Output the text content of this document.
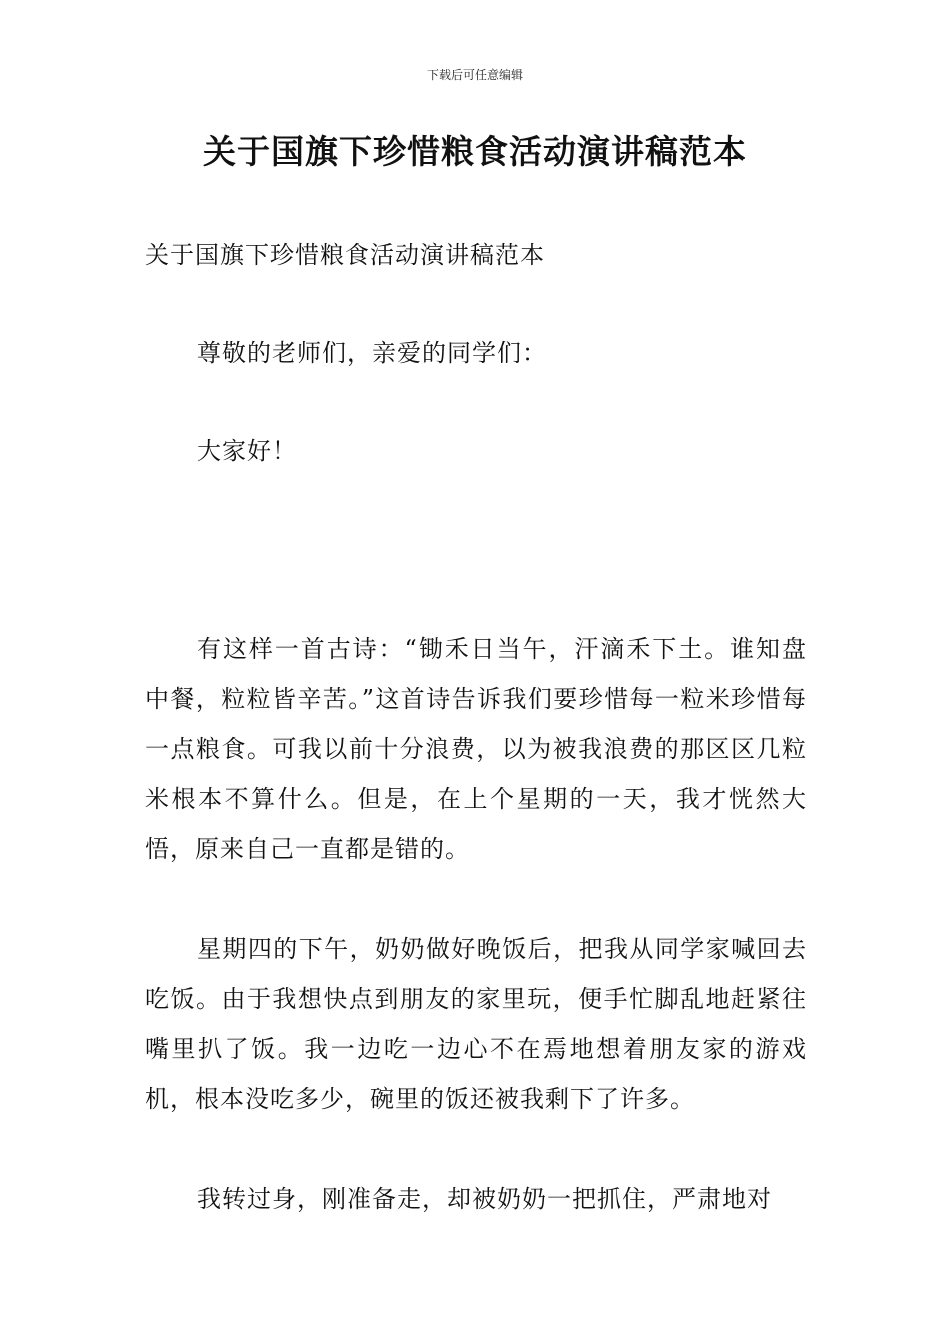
下载后可任意编辑
关于国旗下珍惜粮食活动演讲稿范本

关于国旗下珍惜粮食活动演讲稿范本

尊敬的老师们，亲爱的同学们：

大家好！

有这样一首古诗：“锄禾日当午，汗滴禾下土。谁知盘中餐，粒粒皆辛苦。”这首诗告诉我们要珍惜每一粒米珍惜每一点粮食。可我以前十分浪费，以为被我浪费的那区区几粒米根本不算什么。但是，在上个星期的一天，我才恍然大悟，原来自己一直都是错的。

星期四的下午，奶奶做好晚饭后，把我从同学家喊回去吃饭。由于我想快点到朋友的家里玩，便手忙脚乱地赶紧往嘴里扒了饭。我一边吃一边心不在焉地想着朋友家的游戏机，根本没吃多少，碗里的饭还被我剩下了许多。

我转过身，刚准备走，却被奶奶一把抓住，严肃地对
